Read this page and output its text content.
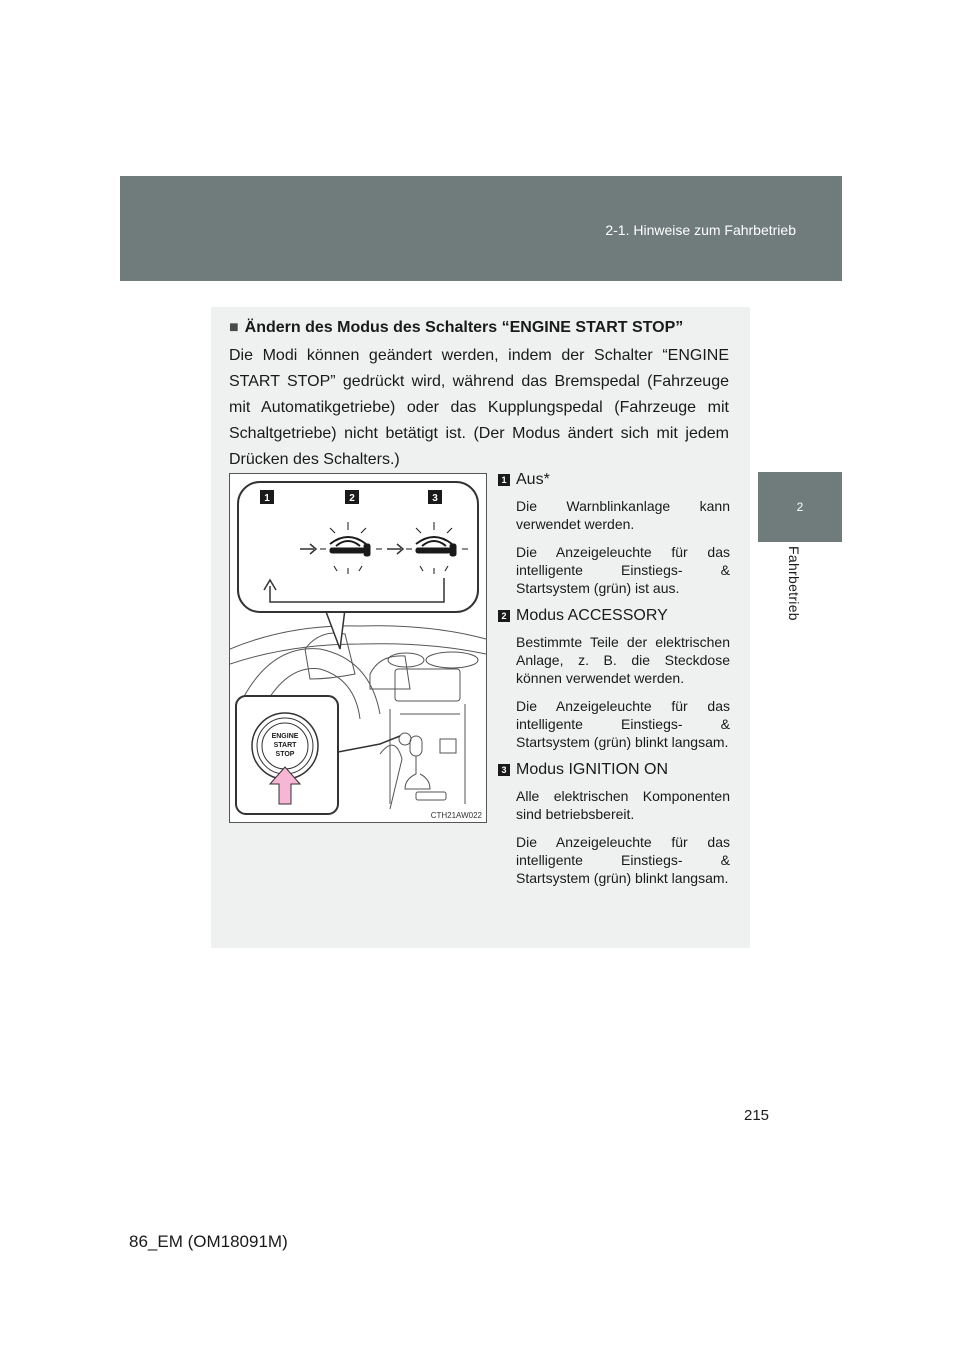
2-1. Hinweise zum Fahrbetrieb
2
Fahrbetrieb
■ Ändern des Modus des Schalters “ENGINE START STOP”
Die Modi können geändert werden, indem der Schalter “ENGINE START STOP” gedrückt wird, während das Bremspedal (Fahrzeuge mit Automatikgetriebe) oder das Kupplungspedal (Fahrzeuge mit Schaltgetriebe) nicht betätigt ist. (Der Modus ändert sich mit jedem Drücken des Schalters.)
1	2	3
ENGINE
START
STOP
CTH21AW022
1 Aus*

Die Warnblinkanlage kann verwendet werden.

Die Anzeigeleuchte für das intelligente Einstiegs- & Startsystem (grün) ist aus.

2 Modus ACCESSORY

Bestimmte Teile der elektrischen Anlage, z. B. die Steckdose können verwendet werden.

Die Anzeigeleuchte für das intelligente Einstiegs- & Startsystem (grün) blinkt langsam.

3 Modus IGNITION ON

Alle elektrischen Komponenten sind betriebsbereit.

Die Anzeigeleuchte für das intelligente Einstiegs- & Startsystem (grün) blinkt langsam.

215
86_EM (OM18091M)
